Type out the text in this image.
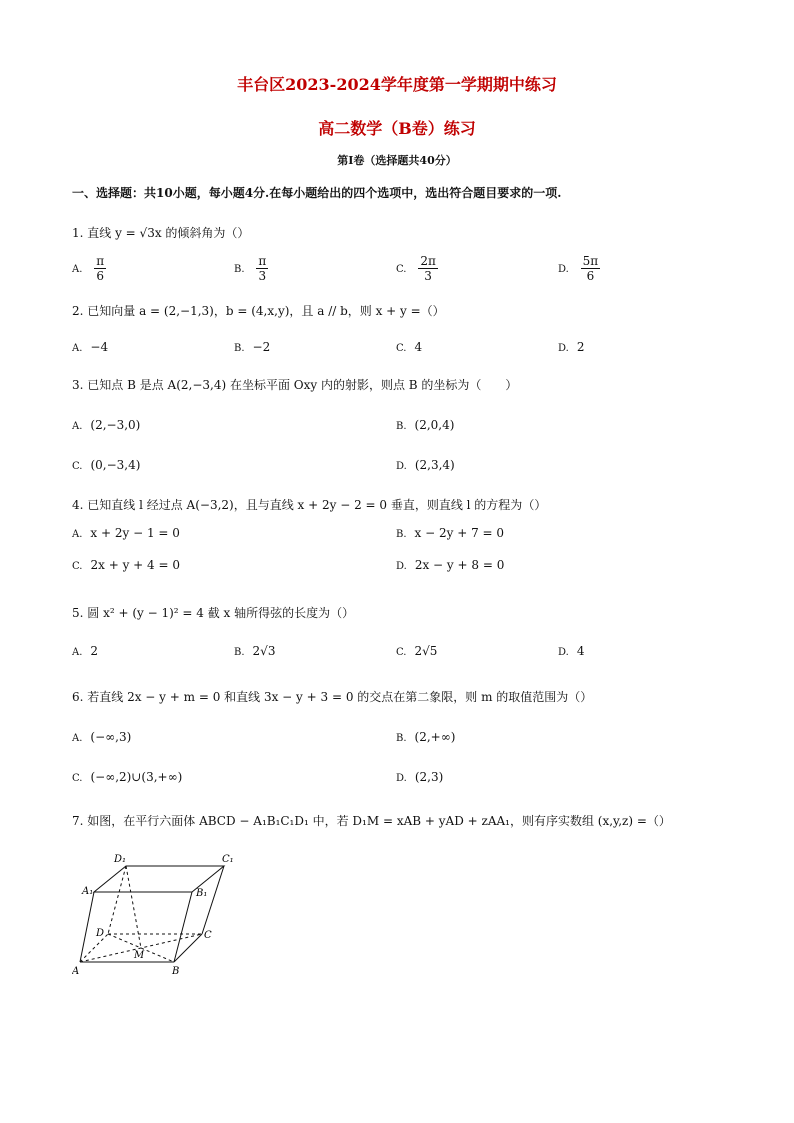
丰台区2023-2024学年度第一学期期中练习
高二数学（B卷）练习
第Ⅰ卷（选择题共40分）
一、选择题：共10小题，每小题4分.在每小题给出的四个选项中，选出符合题目要求的一项.
1. 直线 y = √3x 的倾斜角为（）
A. $\frac{\pi}{6}$	B. $\frac{\pi}{3}$	C. $\frac{2\pi}{3}$	D. $\frac{5\pi}{6}$
2. 已知向量 a = (2,−1,3)，b = (4,x,y)，且 a // b，则 x + y =（）
A. −4	B. −2	C. 4	D. 2
3. 已知点 B 是点 A(2,−3,4) 在坐标平面 Oxy 内的射影，则点 B 的坐标为（　　）
A. (2,−3,0)	B. (2,0,4)
C. (0,−3,4)	D. (2,3,4)
4. 已知直线 l 经过点 A(−3,2)，且与直线 x + 2y − 2 = 0 垂直，则直线 l 的方程为（）
A. x + 2y − 1 = 0	B. x − 2y + 7 = 0
C. 2x + y + 4 = 0	D. 2x − y + 8 = 0
5. 圆 x² + (y − 1)² = 4 截 x 轴所得弦的长度为（）
A. 2	B. 2√3	C. 2√5	D. 4
6. 若直线 2x − y + m = 0 和直线 3x − y + 3 = 0 的交点在第二象限，则 m 的取值范围为（）
A. (−∞,3)	B. (2,+∞)
C. (−∞,2)∪(3,+∞)	D. (2,3)
7. 如图，在平行六面体 ABCD − A₁B₁C₁D₁ 中，若 D₁M = xAB + yAD + zAA₁，则有序实数组 (x,y,z) =（）
D₁	C₁
A₁	B₁
D	C
M
A	B
